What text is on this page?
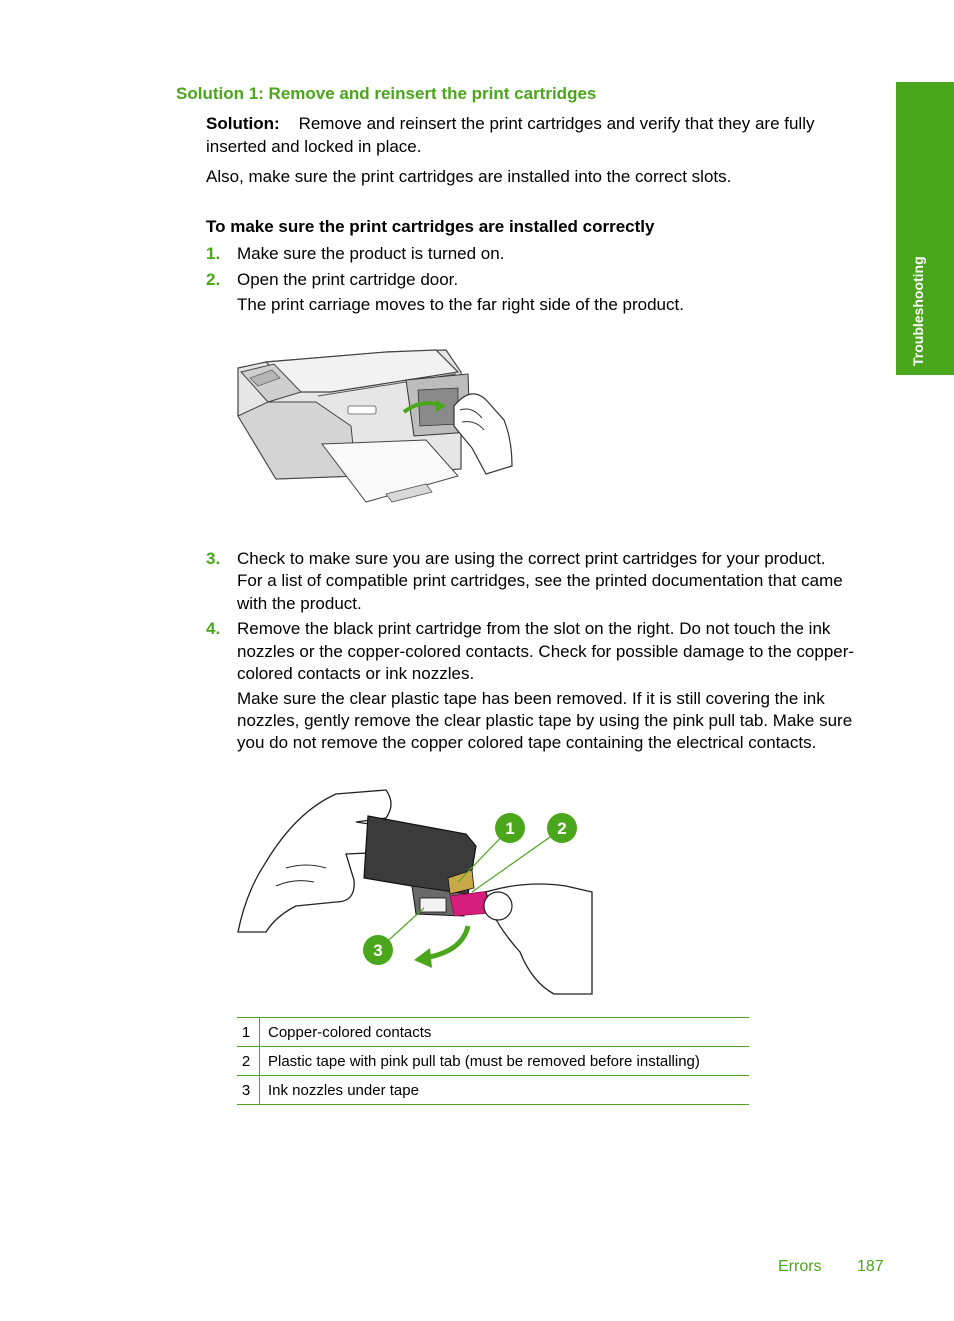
Troubleshooting
Solution 1: Remove and reinsert the print cartridges
Solution: Remove and reinsert the print cartridges and verify that they are fully
inserted and locked in place.
Also, make sure the print cartridges are installed into the correct slots.
To make sure the print cartridges are installed correctly
1. Make sure the product is turned on.
2. Open the print cartridge door.
The print carriage moves to the far right side of the product.
3. Check to make sure you are using the correct print cartridges for your product.
For a list of compatible print cartridges, see the printed documentation that came
with the product.
4. Remove the black print cartridge from the slot on the right. Do not touch the ink
nozzles or the copper-colored contacts. Check for possible damage to the copper-
colored contacts or ink nozzles.
Make sure the clear plastic tape has been removed. If it is still covering the ink
nozzles, gently remove the clear plastic tape by using the pink pull tab. Make sure
you do not remove the copper colored tape containing the electrical contacts.
1	2
3
1	Copper-colored contacts
2	Plastic tape with pink pull tab (must be removed before installing)
3	Ink nozzles under tape
Errors 187
